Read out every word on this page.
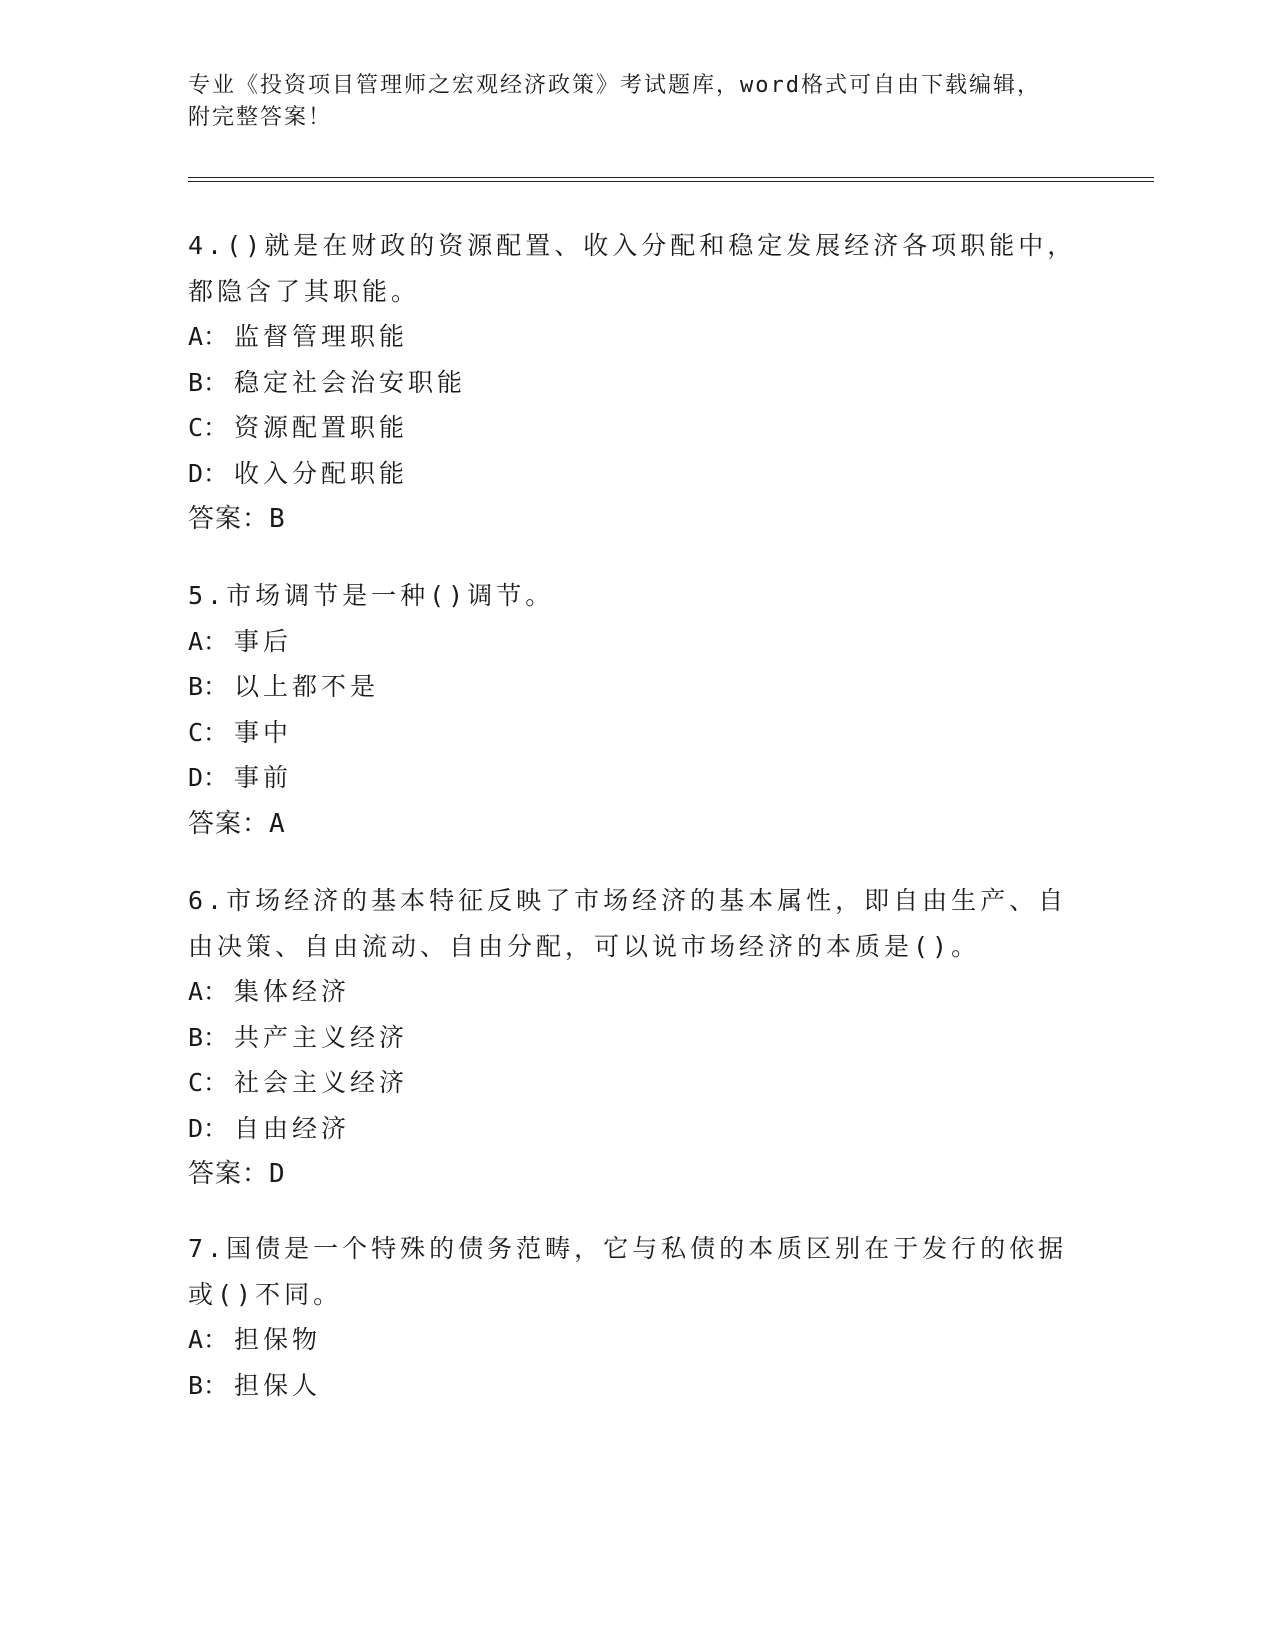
专业《投资项目管理师之宏观经济政策》考试题库，word格式可自由下载编辑，
附完整答案！
4.()就是在财政的资源配置、收入分配和稳定发展经济各项职能中，
都隐含了其职能。
A： 监督管理职能
B： 稳定社会治安职能
C： 资源配置职能
D： 收入分配职能
答案：B
5.市场调节是一种()调节。
A： 事后
B： 以上都不是
C： 事中
D： 事前
答案：A
6.市场经济的基本特征反映了市场经济的基本属性，即自由生产、自
由决策、自由流动、自由分配，可以说市场经济的本质是()。
A： 集体经济
B： 共产主义经济
C： 社会主义经济
D： 自由经济
答案：D
7.国债是一个特殊的债务范畴，它与私债的本质区别在于发行的依据
或()不同。
A： 担保物
B： 担保人
